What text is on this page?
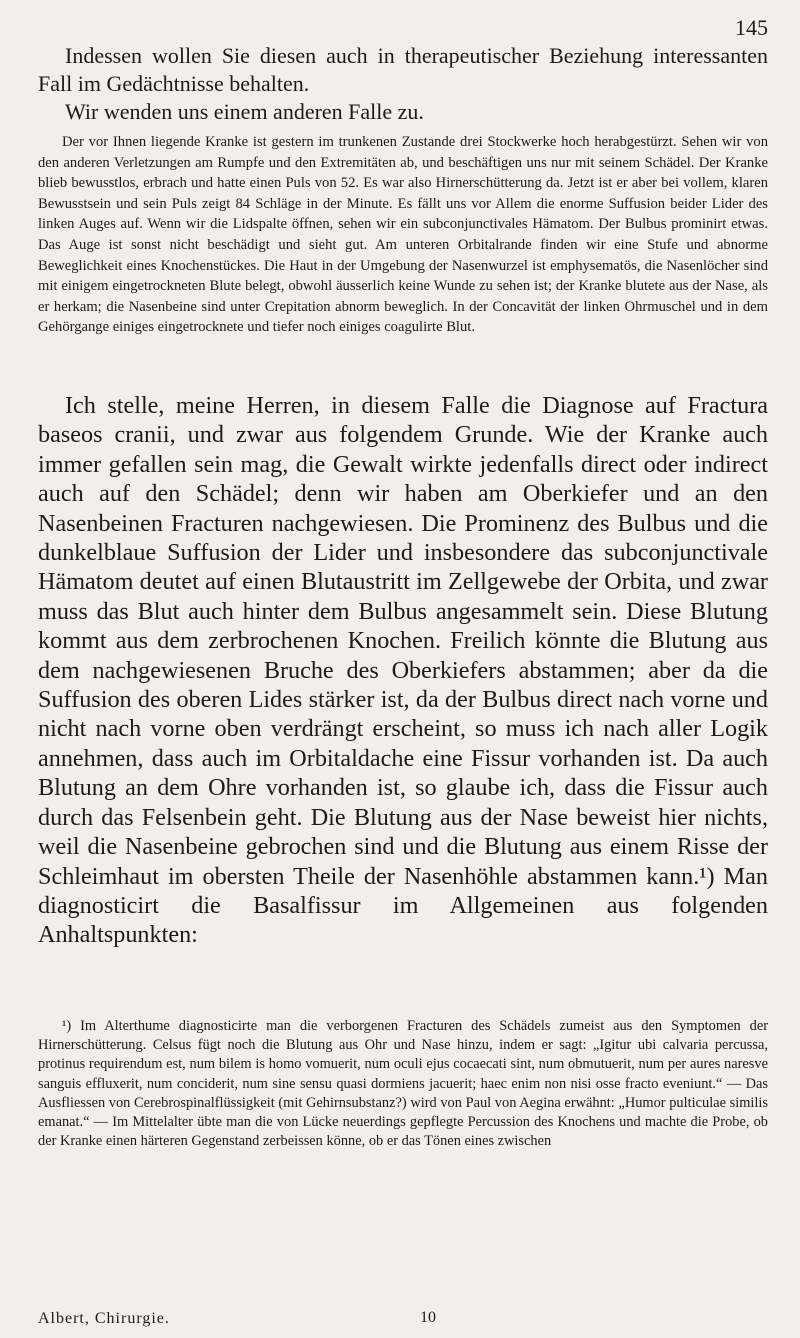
145

Indessen wollen Sie diesen auch in therapeutischer Beziehung interessanten Fall im Gedächtnisse behalten.

Wir wenden uns einem anderen Falle zu.

Der vor Ihnen liegende Kranke ist gestern im trunkenen Zustande drei Stockwerke hoch herabgestürzt. Sehen wir von den anderen Verletzungen am Rumpfe und den Extremitäten ab, und beschäftigen uns nur mit seinem Schädel. Der Kranke blieb bewusstlos, erbrach und hatte einen Puls von 52. Es war also Hirnerschütterung da. Jetzt ist er aber bei vollem, klaren Bewusstsein und sein Puls zeigt 84 Schläge in der Minute. Es fällt uns vor Allem die enorme Suffusion beider Lider des linken Auges auf. Wenn wir die Lidspalte öffnen, sehen wir ein subconjunctivales Hämatom. Der Bulbus prominirt etwas. Das Auge ist sonst nicht beschädigt und sieht gut. Am unteren Orbitalrande finden wir eine Stufe und abnorme Beweglichkeit eines Knochenstückes. Die Haut in der Umgebung der Nasenwurzel ist emphysematös, die Nasenlöcher sind mit einigem eingetrockneten Blute belegt, obwohl äusserlich keine Wunde zu sehen ist; der Kranke blutete aus der Nase, als er herkam; die Nasenbeine sind unter Crepitation abnorm beweglich. In der Concavität der linken Ohrmuschel und in dem Gehörgange einiges eingetrocknete und tiefer noch einiges coagulirte Blut.

Ich stelle, meine Herren, in diesem Falle die Diagnose auf Fractura baseos cranii, und zwar aus folgendem Grunde. Wie der Kranke auch immer gefallen sein mag, die Gewalt wirkte jedenfalls direct oder indirect auch auf den Schädel; denn wir haben am Oberkiefer und an den Nasenbeinen Fracturen nachgewiesen. Die Prominenz des Bulbus und die dunkelblaue Suffusion der Lider und insbesondere das subconjunctivale Hämatom deutet auf einen Blutaustritt im Zellgewebe der Orbita, und zwar muss das Blut auch hinter dem Bulbus angesammelt sein. Diese Blutung kommt aus dem zerbrochenen Knochen. Freilich könnte die Blutung aus dem nachgewiesenen Bruche des Oberkiefers abstammen; aber da die Suffusion des oberen Lides stärker ist, da der Bulbus direct nach vorne und nicht nach vorne oben verdrängt erscheint, so muss ich nach aller Logik annehmen, dass auch im Orbitaldache eine Fissur vorhanden ist. Da auch Blutung an dem Ohre vorhanden ist, so glaube ich, dass die Fissur auch durch das Felsenbein geht. Die Blutung aus der Nase beweist hier nichts, weil die Nasenbeine gebrochen sind und die Blutung aus einem Risse der Schleimhaut im obersten Theile der Nasenhöhle abstammen kann.¹) Man diagnosticirt die Basalfissur im Allgemeinen aus folgenden Anhaltspunkten:

¹) Im Alterthume diagnosticirte man die verborgenen Fracturen des Schädels zumeist aus den Symptomen der Hirnerschütterung. Celsus fügt noch die Blutung aus Ohr und Nase hinzu, indem er sagt: „Igitur ubi calvaria percussa, protinus requirendum est, num bilem is homo vomuerit, num oculi ejus cocaecati sint, num obmutuerit, num per aures naresve sanguis effluxerit, num conciderit, num sine sensu quasi dormiens jacuerit; haec enim non nisi osse fracto eveniunt.“ — Das Ausfliessen von Cerebrospinalflüssigkeit (mit Gehirnsubstanz?) wird von Paul von Aegina erwähnt: „Humor pulticulae similis emanat.“ — Im Mittelalter übte man die von Lücke neuerdings gepflegte Percussion des Knochens und machte die Probe, ob der Kranke einen härteren Gegenstand zerbeissen könne, ob er das Tönen eines zwischen

Albert, Chirurgie.	10
